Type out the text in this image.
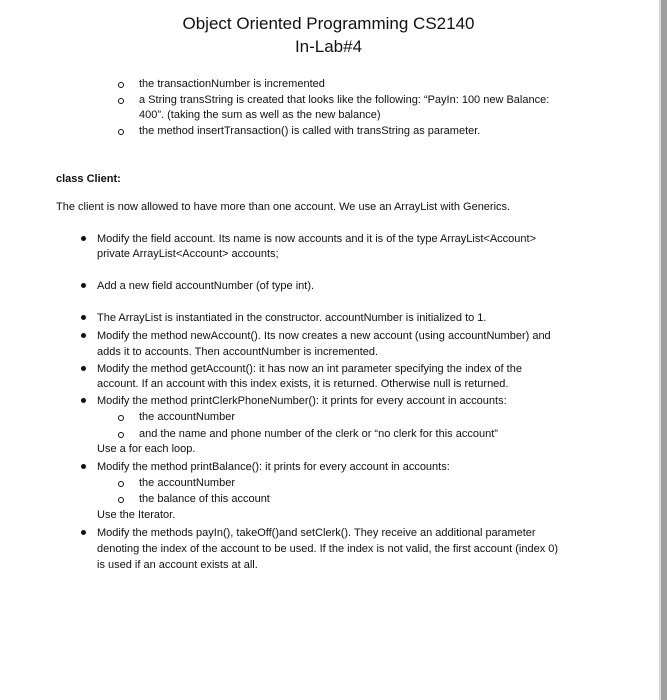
Object Oriented Programming CS2140
In-Lab#4
the transactionNumber is incremented
a String transString is created that looks like the following: “PayIn: 100 new Balance:
400”. (taking the sum as well as the new balance)
the method insertTransaction() is called with transString as parameter.
class Client:
The client is now allowed to have more than one account. We use an ArrayList with Generics.
Modify the field account. Its name is now accounts and it is of the type ArrayList<Account>
private ArrayList<Account> accounts;
Add a new field accountNumber (of type int).
The ArrayList is instantiated in the constructor. accountNumber is initialized to 1.
Modify the method newAccount(). Its now creates a new account (using accountNumber) and
adds it to accounts. Then accountNumber is incremented.
Modify the method getAccount(): it has now an int parameter specifying the index of the
account. If an account with this index exists, it is returned. Otherwise null is returned.
Modify the method printClerkPhoneNumber(): it prints for every account in accounts:
the accountNumber
and the name and phone number of the clerk or “no clerk for this account”
Use a for each loop.
Modify the method printBalance(): it prints for every account in accounts:
the accountNumber
the balance of this account
Use the Iterator.
Modify the methods payIn(), takeOff()and setClerk(). They receive an additional parameter
denoting the index of the account to be used. If the index is not valid, the first account (index 0)
is used if an account exists at all.
